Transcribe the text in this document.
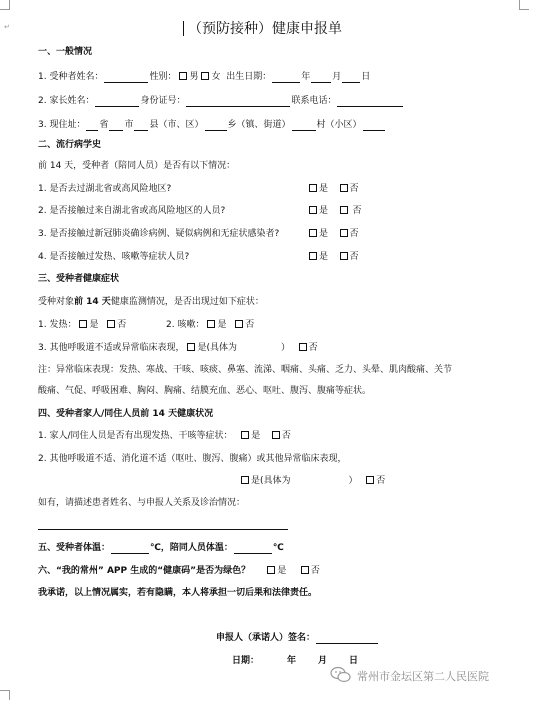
↵	（预防接种）健康申报单
一、一般情况
1. 受种者姓名：	性别： 男 女 出生日期：	年 月 日
2. 家长姓名：	身份证号：	联系电话：
3. 现住址： 省 市 县（市、区）	乡（镇、街道）	村（小区）
二、流行病学史
前 14 天，受种者（陪同人员）是否有以下情况：
1. 是否去过湖北省或高风险地区?	是 否
2. 是否接触过来自湖北省或高风险地区的人员?	是	否
3. 是否接触过新冠肺炎确诊病例、疑似病例和无症状感染者?	是 否
4. 是否接触过发热、咳嗽等症状人员?	是 否
三、受种者健康症状
受种对象前 14 天健康监测情况，是否出现过如下症状：
1. 发热： 是 否	2. 咳嗽： 是 否
3. 其他呼吸道不适或异常临床表现， 是(具体为	） 否
注：异常临床表现：发热、寒战、干咳、咳痰、鼻塞、流涕、咽痛、头痛、乏力、头晕、肌肉酸痛、关节
酸痛、气促、呼吸困难、胸闷、胸痛、结膜充血、恶心、呕吐、腹泻、腹痛等症状。
四、受种者家人/同住人员前 14 天健康状况
1. 家人/同住人员是否有出现发热、干咳等症状： 是 否
2. 其他呼吸道不适、消化道不适（呕吐、腹泻、腹痛）或其他异常临床表现，
是(具体为	） 否
如有，请描述患者姓名、与申报人关系及诊治情况：
五、受种者体温：	℃，陪同人员体温：	℃
六、“我的常州” APP 生成的“健康码”是否为绿色？	是	否
我承诺，以上情况属实，若有隐瞒，本人将承担一切后果和法律责任。
申报人（承诺人）签名：
日期：	年 月 日
常州市金坛区第二人民医院
